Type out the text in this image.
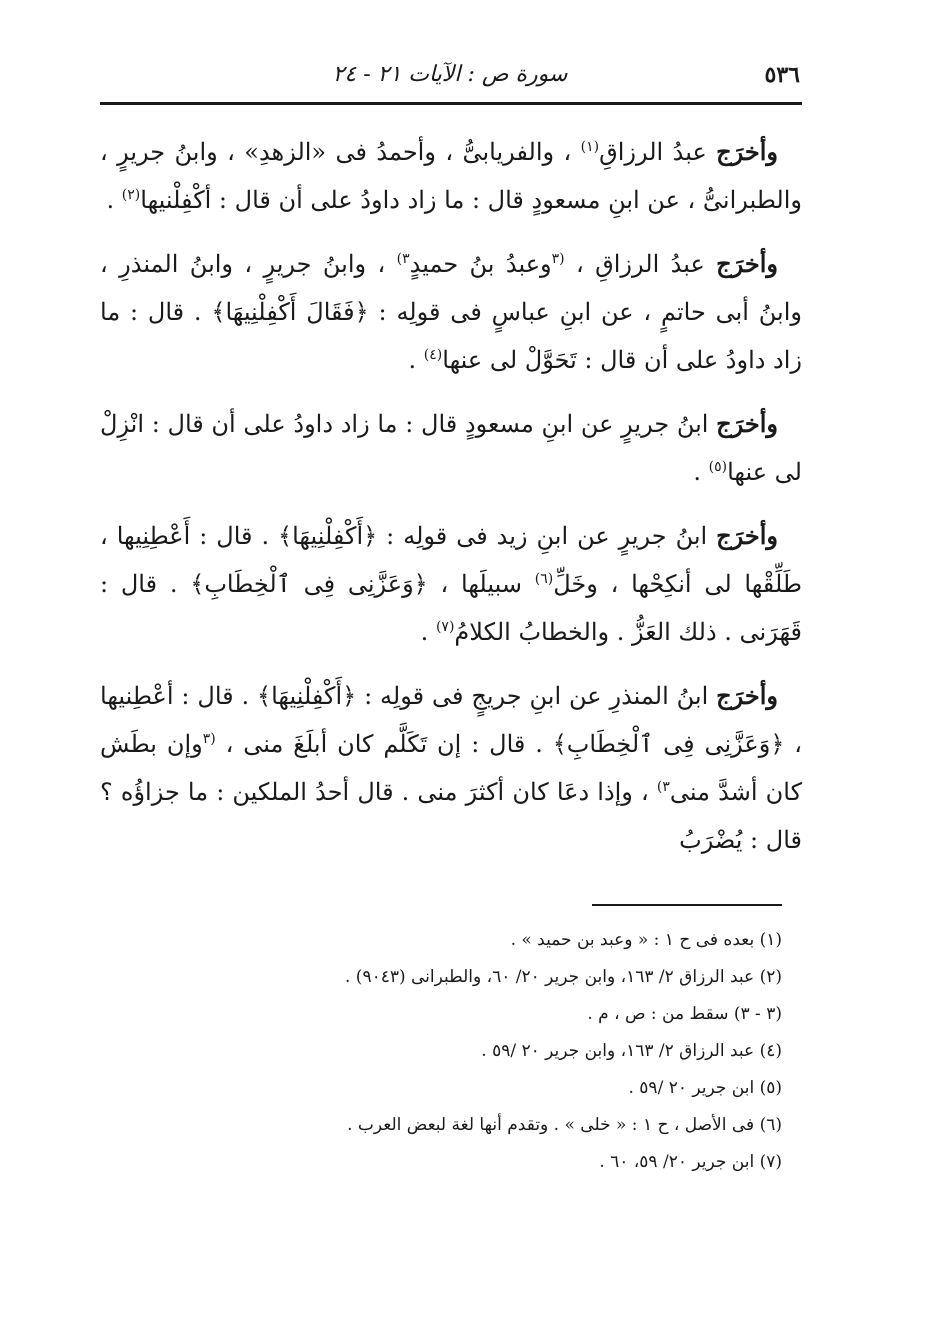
٥٣٦
سورة ص : الآيات ٢١ - ٢٤

وأخرَج عبدُ الرزاقِ$^{(١)}$ ، والفريابىُّ ، وأحمدُ فى «الزهدِ» ، وابنُ جريرٍ ، والطبرانىُّ ، عن ابنِ مسعودٍ قال : ما زاد داودُ على أن قال : أكْفِلْنيها$^{(٢)}$ .

وأخرَج عبدُ الرزاقِ ، $^{(٣}$وعبدُ بنُ حميدٍ$^{٣)}$ ، وابنُ جريرٍ ، وابنُ المنذرِ ، وابنُ أبى حاتمٍ ، عن ابنِ عباسٍ فى قولِه : ﴿فَقَالَ أَكْفِلْنِيهَا﴾ . قال : ما زاد داودُ على أن قال : تَحَوَّلْ لى عنها$^{(٤)}$ .

وأخرَج ابنُ جريرٍ عن ابنِ مسعودٍ قال : ما زاد داودُ على أن قال : انْزِلْ لى عنها$^{(٥)}$ .

وأخرَج ابنُ جريرٍ عن ابنِ زيد فى قولِه : ﴿أَكْفِلْنِيهَا﴾ . قال : أَعْطِنِيها ، طَلِّقْها لى أنكِحْها ، وخَلِّ$^{(٦)}$ سبيلَها ، ﴿وَعَزَّنِى فِى ٱلْخِطَابِ﴾ . قال : قَهَرَنى . ذلك العَزُّ . والخطابُ الكلامُ$^{(٧)}$ .

وأخرَج ابنُ المنذرِ عن ابنِ جريجٍ فى قولِه : ﴿أَكْفِلْنِيهَا﴾ . قال : أعْطِنيها ، ﴿وَعَزَّنِى فِى ٱلْخِطَابِ﴾ . قال : إن تَكَلَّم كان أبلَغَ منى ، $^{(٣}$وإن بطَش كان أشدَّ منى$^{٣)}$ ، وإذا دعَا كان أكثرَ منى . قال أحدُ الملكين : ما جزاؤُه ؟ قال : يُضْرَبُ

(١) بعده فى ح ١ : « وعبد بن حميد » .
(٢) عبد الرزاق ٢/ ١٦٣، وابن جرير ٢٠/ ٦٠، والطبرانى (٩٠٤٣) .
(٣ - ٣) سقط من : ص ، م .
(٤) عبد الرزاق ٢/ ١٦٣، وابن جرير ٢٠ /٥٩ .
(٥) ابن جرير ٢٠ /٥٩ .
(٦) فى الأصل ، ح ١ : « خلى » . وتقدم أنها لغة لبعض العرب .
(٧) ابن جرير ٢٠/ ٥٩، ٦٠ .
